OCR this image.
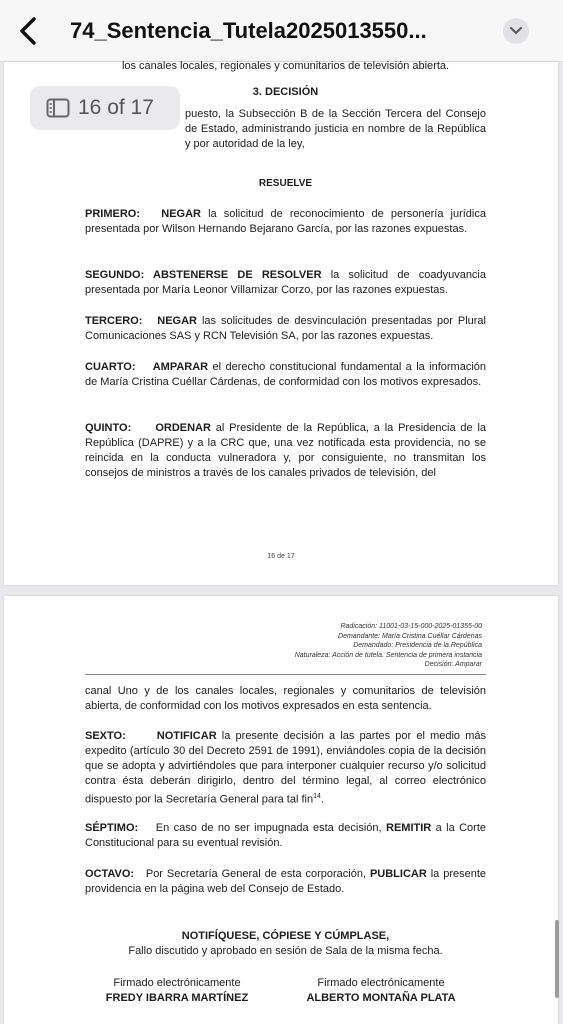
74_Sentencia_Tutela2025013550...
los canales locales, regionales y comunitarios de televisión abierta.
3. DECISIÓN
puesto, la Subsección B de la Sección Tercera del Consejo de Estado, administrando justicia en nombre de la República y por autoridad de la ley,
RESUELVE
PRIMERO:   NEGAR la solicitud de reconocimiento de personería jurídica presentada por Wilson Hernando Bejarano García, por las razones expuestas.
SEGUNDO: ABSTENERSE DE RESOLVER la solicitud de coadyuvancia presentada por María Leonor Villamizar Corzo, por las razones expuestas.
TERCERO:   NEGAR las solicitudes de desvinculación presentadas por Plural Comunicaciones SAS y RCN Televisión SA, por las razones expuestas.
CUARTO:    AMPARAR el derecho constitucional fundamental a la información de María Cristina Cuéllar Cárdenas, de conformidad con los motivos expresados.
QUINTO:     ORDENAR al Presidente de la República, a la Presidencia de la República (DAPRE) y a la CRC que, una vez notificada esta providencia, no se reincida en la conducta vulneradora y, por consiguiente, no transmitan los consejos de ministros a través de los canales privados de televisión, del
16 de 17
16 of 17
Radicación: 11001-03-15-000-2025-01355-00
Demandante: María Cristina Cuéllar Cárdenas
Demandado: Presidencia de la República
Naturaleza: Acción de tutela. Sentencia de primera instancia
Decisión: Amparar
canal Uno y de los canales locales, regionales y comunitarios de televisión abierta, de conformidad con los motivos expresados en esta sentencia.
SEXTO:      NOTIFICAR la presente decisión a las partes por el medio más expedito (artículo 30 del Decreto 2591 de 1991), enviándoles copia de la decisión que se adopta y advirtiéndoles que para interponer cualquier recurso y/o solicitud contra ésta deberán dirigirlo, dentro del término legal, al correo electrónico dispuesto por la Secretaría General para tal fin$^{14}$.
SÉPTIMO:    En caso de no ser impugnada esta decisión, REMITIR a la Corte Constitucional para su eventual revisión.
OCTAVO:   Por Secretaría General de esta corporación, PUBLICAR la presente providencia en la página web del Consejo de Estado.
NOTIFÍQUESE, CÓPIESE Y CÚMPLASE,
Fallo discutido y aprobado en sesión de Sala de la misma fecha.
Firmado electrónicamente
FREDY IBARRA MARTÍNEZ
Firmado electrónicamente
ALBERTO MONTAÑA PLATA
